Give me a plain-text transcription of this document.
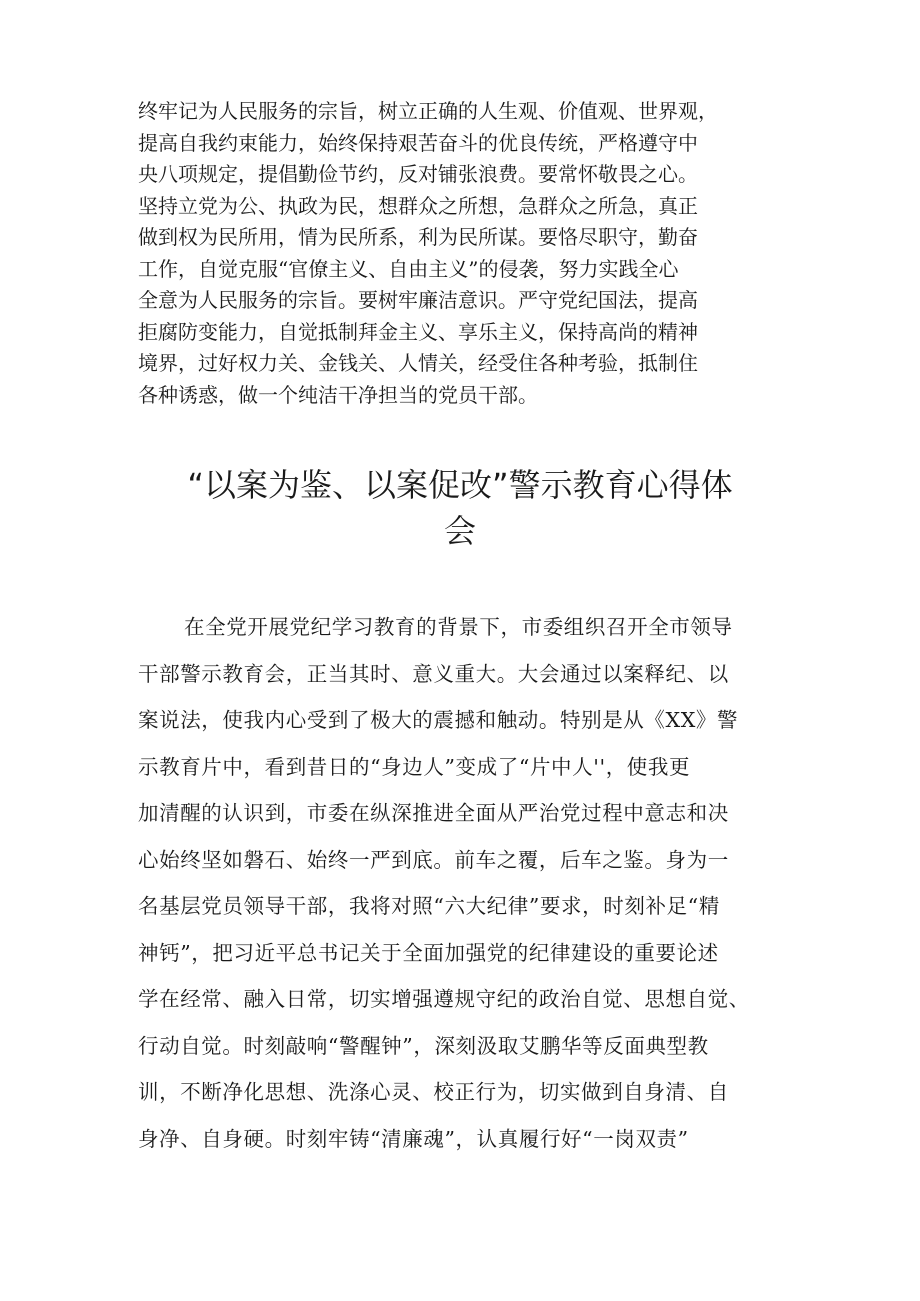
终牢记为人民服务的宗旨，树立正确的人生观、价值观、世界观，
提高自我约束能力，始终保持艰苦奋斗的优良传统，严格遵守中
央八项规定，提倡勤俭节约，反对铺张浪费。要常怀敬畏之心。
坚持立党为公、执政为民，想群众之所想，急群众之所急，真正
做到权为民所用，情为民所系，利为民所谋。要恪尽职守，勤奋
工作，自觉克服“官僚主义、自由主义”的侵袭，努力实践全心
全意为人民服务的宗旨。要树牢廉洁意识。严守党纪国法，提高
拒腐防变能力，自觉抵制拜金主义、享乐主义，保持高尚的精神
境界，过好权力关、金钱关、人情关，经受住各种考验，抵制住
各种诱惑，做一个纯洁干净担当的党员干部。

“以案为鉴、以案促改”警示教育心得体
会

在全党开展党纪学习教育的背景下，市委组织召开全市领导
干部警示教育会，正当其时、意义重大。大会通过以案释纪、以
案说法，使我内心受到了极大的震撼和触动。特别是从《XX》警
示教育片中，看到昔日的“身边人”变成了“片中人''，使我更
加清醒的认识到，市委在纵深推进全面从严治党过程中意志和决
心始终坚如磐石、始终一严到底。前车之覆，后车之鉴。身为一
名基层党员领导干部，我将对照“六大纪律”要求，时刻补足“精
神钙”，把习近平总书记关于全面加强党的纪律建设的重要论述
学在经常、融入日常，切实增强遵规守纪的政治自觉、思想自觉、
行动自觉。时刻敲响“警醒钟”，深刻汲取艾鹏华等反面典型教
训，不断净化思想、洗涤心灵、校正行为，切实做到自身清、自
身净、自身硬。时刻牢铸“清廉魂”，认真履行好“一岗双责”
